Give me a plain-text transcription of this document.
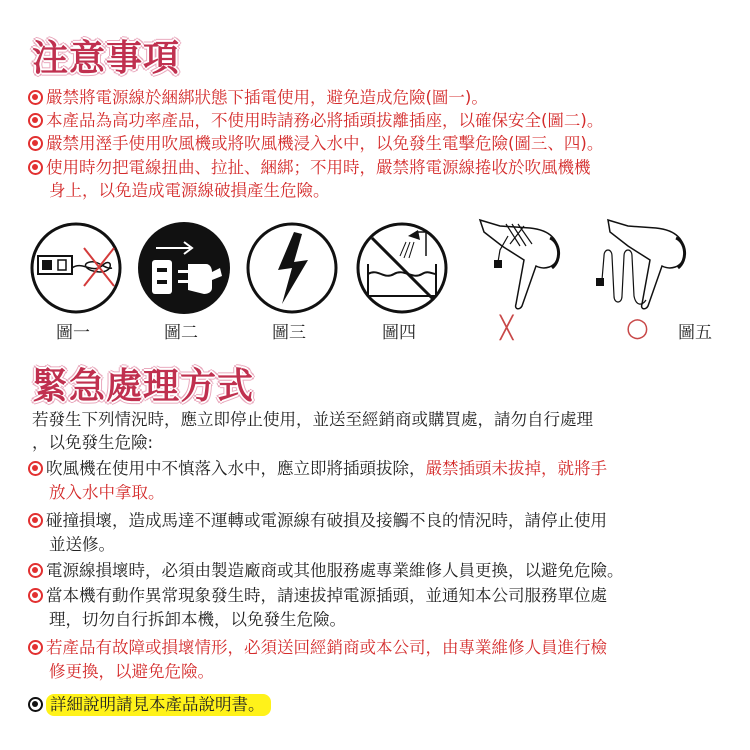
注意事項
嚴禁將電源線於綑綁狀態下插電使用，避免造成危險(圖一)。
本產品為高功率產品，不使用時請務必將插頭拔離插座，以確保安全(圖二)。
嚴禁用溼手使用吹風機或將吹風機浸入水中，以免發生電擊危險(圖三、四)。
使用時勿把電線扭曲、拉扯、綑綁；不用時，嚴禁將電源線捲收於吹風機機
身上，以免造成電源線破損產生危險。
圖一	圖二	圖三	圖四	╳	○ 圖五
緊急處理方式
若發生下列情況時，應立即停止使用，並送至經銷商或購買處，請勿自行處理
，以免發生危險:
吹風機在使用中不慎落入水中，應立即將插頭拔除，嚴禁插頭未拔掉，就將手
放入水中拿取。
碰撞損壞，造成馬達不運轉或電源線有破損及接觸不良的情況時，請停止使用
並送修。
電源線損壞時，必須由製造廠商或其他服務處專業維修人員更換，以避免危險。
當本機有動作異常現象發生時，請速拔掉電源插頭，並通知本公司服務單位處
理，切勿自行拆卸本機，以免發生危險。
若產品有故障或損壞情形，必須送回經銷商或本公司，由專業維修人員進行檢
修更換，以避免危險。
詳細說明請見本產品說明書。
